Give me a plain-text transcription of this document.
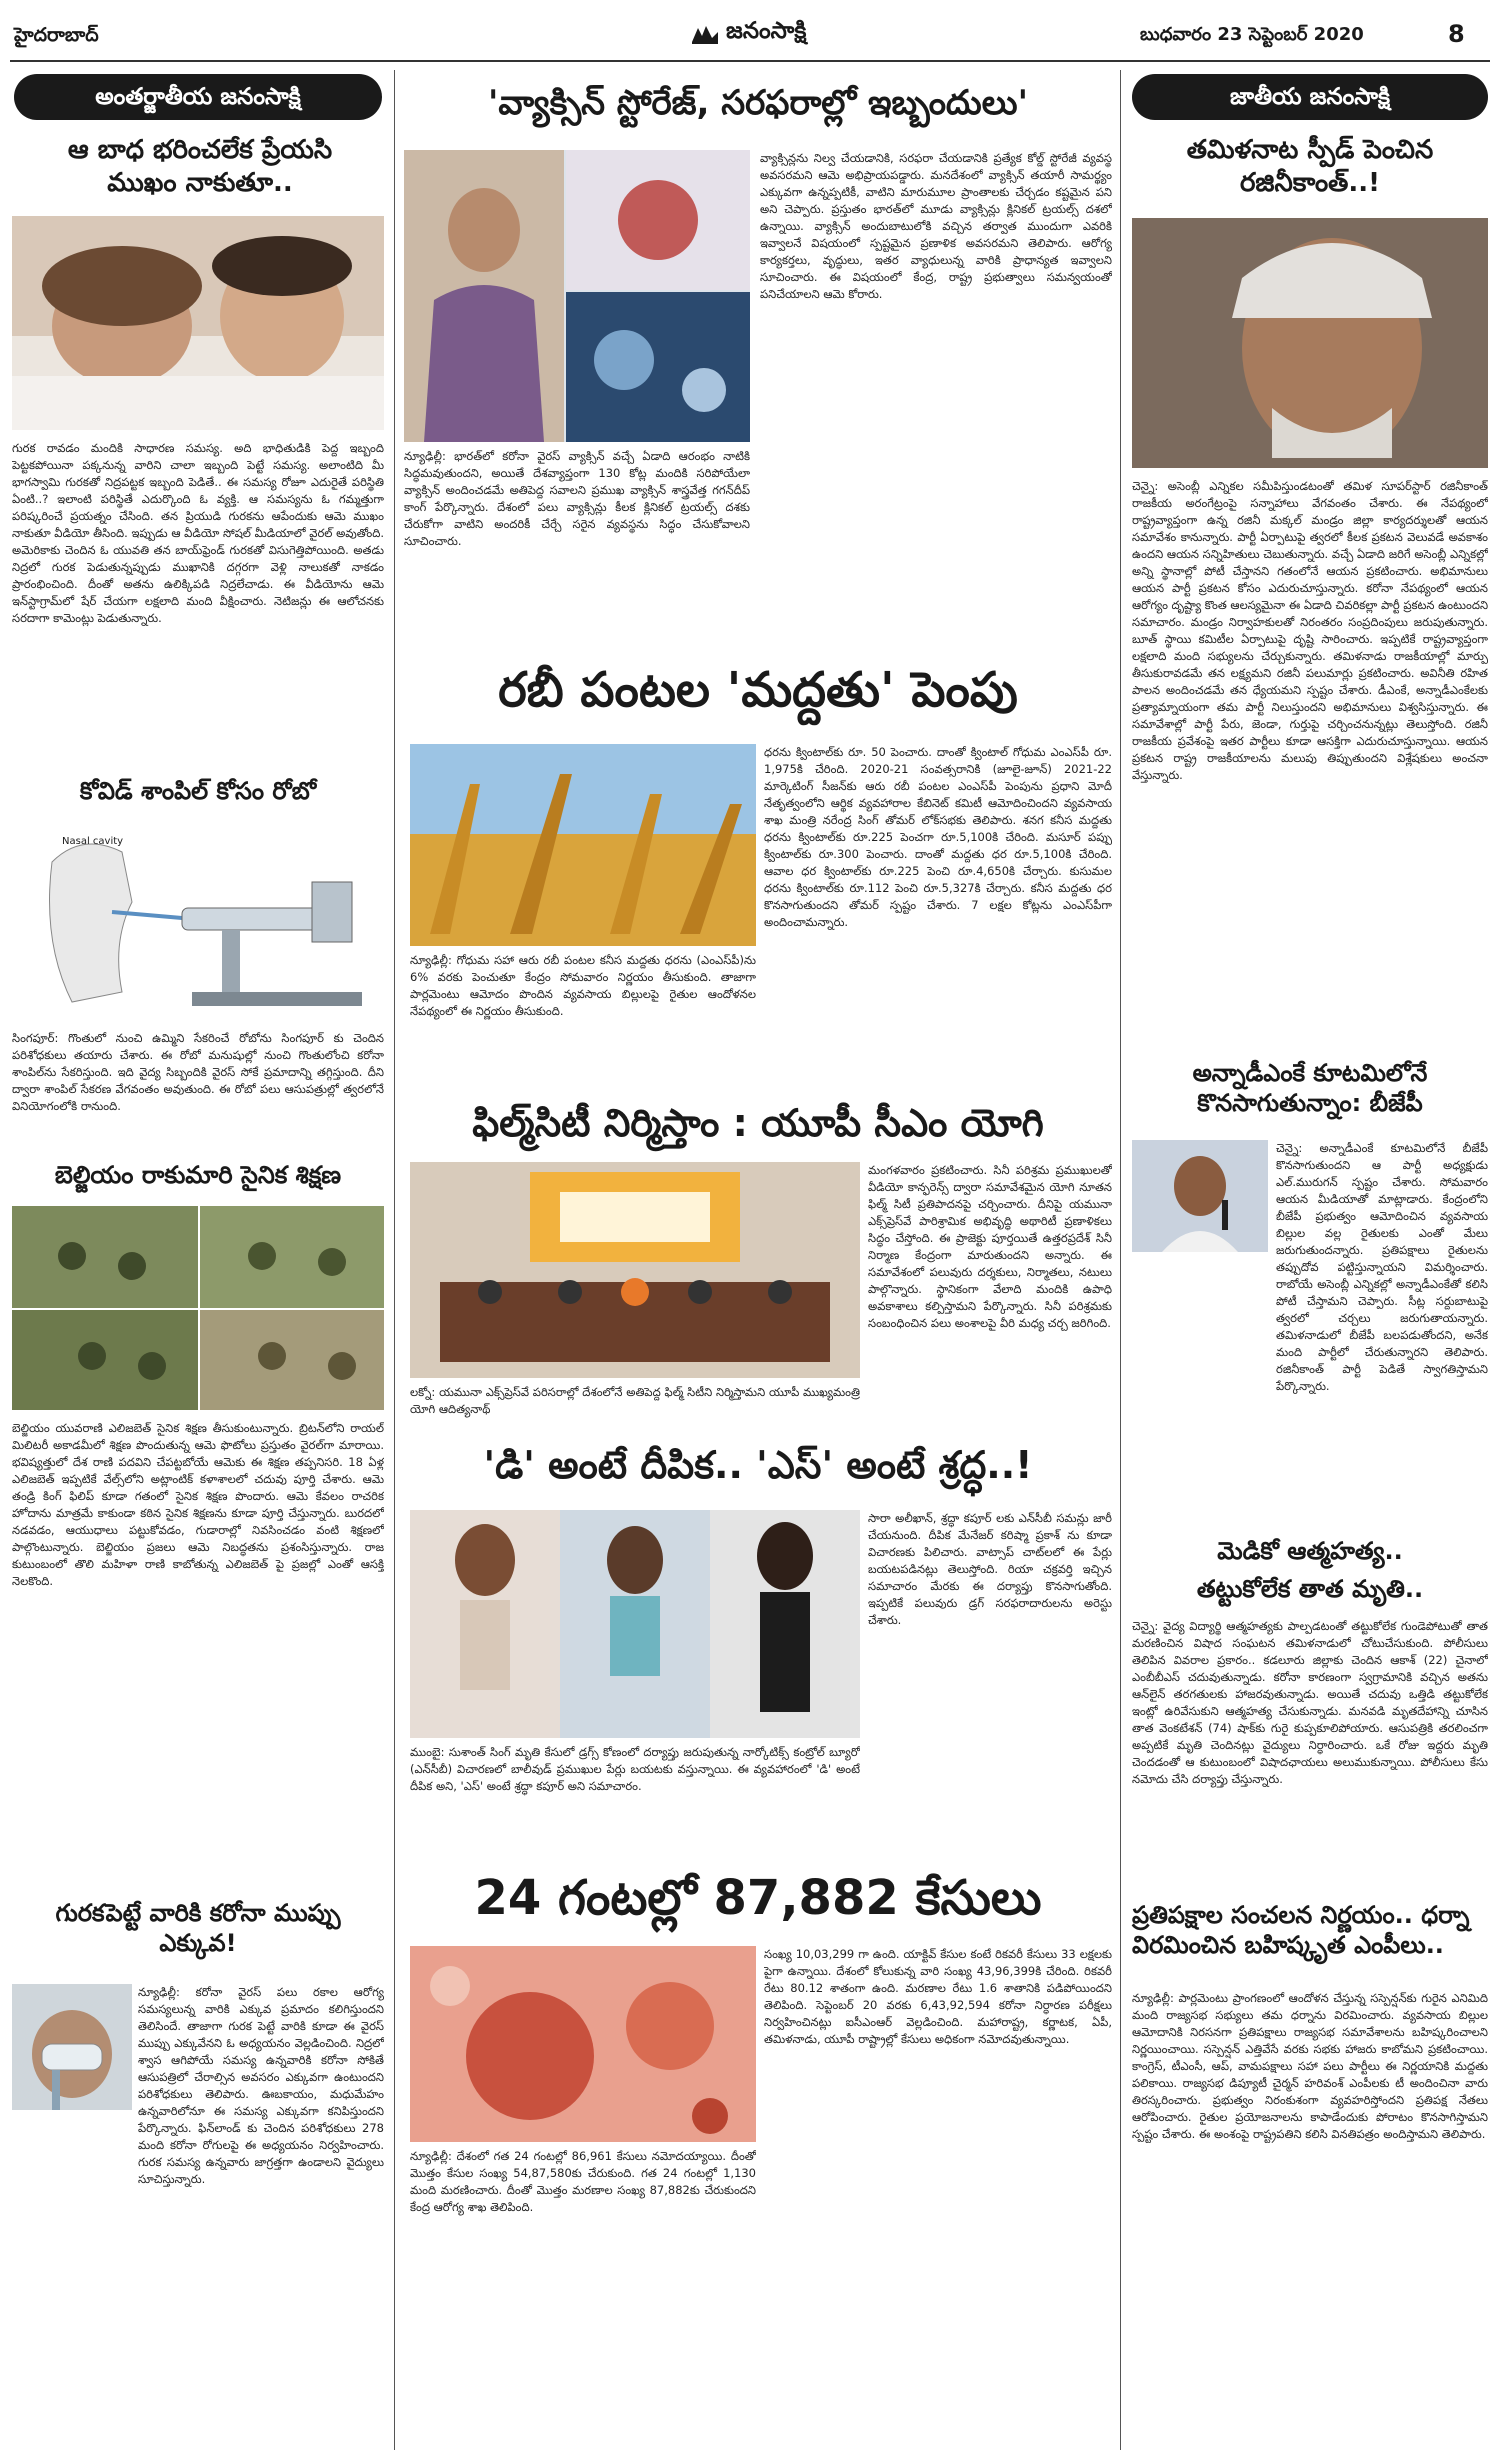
హైదరాబాద్	జనంసాక్షి	బుధవారం 23 సెప్టెంబర్ 2020	8
అంతర్జాతీయ జనంసాక్షి
ఆ బాధ భరించలేక ప్రేయసి ముఖం నాకుతూ..
గురక రావడం మందికి సాధారణ సమస్య. అది భాధితుడికి పెద్ద ఇబ్బంది పెట్టకపోయినా పక్కనున్న వారిని చాలా ఇబ్బంది పెట్టే సమస్య. అలాంటిది మీ భాగస్వామి గురకతో నిద్రపట్టక ఇబ్బంది పెడితే.. ఈ సమస్య రోజూ ఎదురైతే పరిస్థితి ఏంటి..? ఇలాంటి పరిస్థితే ఎదుర్కొంది ఓ వ్యక్తి. ఆ సమస్యను ఓ గమ్మత్తుగా పరిష్కరించే ప్రయత్నం చేసింది. తన ప్రియుడి గురకను ఆపేందుకు ఆమె ముఖం నాకుతూ వీడియో తీసింది. ఇప్పుడు ఆ వీడియో సోషల్ మీడియాలో వైరల్ అవుతోంది. అమెరికాకు చెందిన ఓ యువతి తన బాయ్‌ఫ్రెండ్ గురకతో విసుగెత్తిపోయింది. అతడు నిద్రలో గురక పెడుతున్నప్పుడు ముఖానికి దగ్గరగా వెళ్లి నాలుకతో నాకడం ప్రారంభించింది. దీంతో అతను ఉలిక్కిపడి నిద్రలేచాడు. ఈ వీడియోను ఆమె ఇన్‌స్టాగ్రామ్‌లో షేర్ చేయగా లక్షలాది మంది వీక్షించారు. నెటిజన్లు ఈ ఆలోచనకు సరదాగా కామెంట్లు పెడుతున్నారు.
కోవిడ్ శాంపిల్ కోసం రోబో
Nasal cavity
సింగపూర్: గొంతులో నుంచి ఉమ్మిని సేకరించే రోబోను సింగపూర్ కు చెందిన పరిశోధకులు తయారు చేశారు. ఈ రోబో మనుషుల్లో నుంచి గొంతులోంచి కరోనా శాంపిల్‌ను సేకరిస్తుంది. ఇది వైద్య సిబ్బందికి వైరస్ సోకే ప్రమాదాన్ని తగ్గిస్తుంది. దీని ద్వారా శాంపిల్ సేకరణ వేగవంతం అవుతుంది. ఈ రోబో పలు ఆసుపత్రుల్లో త్వరలోనే వినియోగంలోకి రానుంది.
బెల్జియం రాకుమారి సైనిక శిక్షణ
బెల్జియం యువరాణి ఎలిజబెత్ సైనిక శిక్షణ తీసుకుంటున్నారు. బ్రిటన్‌లోని రాయల్ మిలిటరీ అకాడమీలో శిక్షణ పొందుతున్న ఆమె ఫొటోలు ప్రస్తుతం వైరల్‌గా మారాయి. భవిష్యత్తులో దేశ రాణి పదవిని చేపట్టబోయే ఆమెకు ఈ శిక్షణ తప్పనిసరి. 18 ఏళ్ల ఎలిజబెత్ ఇప్పటికే వేల్స్‌లోని అట్లాంటిక్ కళాశాలలో చదువు పూర్తి చేశారు. ఆమె తండ్రి కింగ్ ఫిలిప్ కూడా గతంలో సైనిక శిక్షణ పొందారు. ఆమె కేవలం రాచరిక హోదాను మాత్రమే కాకుండా కఠిన సైనిక శిక్షణను కూడా పూర్తి చేస్తున్నారు. బురదలో నడవడం, ఆయుధాలు పట్టుకోవడం, గుడారాల్లో నివసించడం వంటి శిక్షణలో పాల్గొంటున్నారు. బెల్జియం ప్రజలు ఆమె నిబద్ధతను ప్రశంసిస్తున్నారు. రాజ కుటుంబంలో తొలి మహిళా రాణి కాబోతున్న ఎలిజబెత్ పై ప్రజల్లో ఎంతో ఆసక్తి నెలకొంది.
గురకపెట్టే వారికి కరోనా ముప్పు ఎక్కువ!
న్యూఢిల్లీ: కరోనా వైరస్ పలు రకాల ఆరోగ్య సమస్యలున్న వారికి ఎక్కువ ప్రమాదం కలిగిస్తుందని తెలిసిందే. తాజాగా గురక పెట్టే వారికి కూడా ఈ వైరస్ ముప్పు ఎక్కువేనని ఓ అధ్యయనం వెల్లడించింది. నిద్రలో శ్వాస ఆగిపోయే సమస్య ఉన్నవారికి కరోనా సోకితే ఆసుపత్రిలో చేరాల్సిన అవసరం ఎక్కువగా ఉంటుందని పరిశోధకులు తెలిపారు. ఊబకాయం, మధుమేహం ఉన్నవారిలోనూ ఈ సమస్య ఎక్కువగా కనిపిస్తుందని పేర్కొన్నారు. ఫిన్‌లాండ్ కు చెందిన పరిశోధకులు 278 మంది కరోనా రోగులపై ఈ అధ్యయనం నిర్వహించారు. గురక సమస్య ఉన్నవారు జాగ్రత్తగా ఉండాలని వైద్యులు సూచిస్తున్నారు.
'వ్యాక్సిన్ స్టోరేజ్, సరఫరాల్లో ఇబ్బందులు'
న్యూఢిల్లీ: భారత్‌లో కరోనా వైరస్ వ్యాక్సిన్ వచ్చే ఏడాది ఆరంభం నాటికి సిద్ధమవుతుందని, అయితే దేశవ్యాప్తంగా 130 కోట్ల మందికి సరిపోయేలా వ్యాక్సిన్ అందించడమే అతిపెద్ద సవాలని ప్రముఖ వ్యాక్సిన్ శాస్త్రవేత్త గగన్‌దీప్ కాంగ్ పేర్కొన్నారు. దేశంలో పలు వ్యాక్సిన్లు కీలక క్లినికల్ ట్రయల్స్ దశకు చేరుకోగా వాటిని అందరికీ చేర్చే సరైన వ్యవస్థను సిద్ధం చేసుకోవాలని సూచించారు.
వ్యాక్సిన్లను నిల్వ చేయడానికి, సరఫరా చేయడానికి ప్రత్యేక కోల్డ్ స్టోరేజీ వ్యవస్థ అవసరమని ఆమె అభిప్రాయపడ్డారు. మనదేశంలో వ్యాక్సిన్ తయారీ సామర్థ్యం ఎక్కువగా ఉన్నప్పటికీ, వాటిని మారుమూల ప్రాంతాలకు చేర్చడం కష్టమైన పని అని చెప్పారు. ప్రస్తుతం భారత్‌లో మూడు వ్యాక్సిన్లు క్లినికల్ ట్రయల్స్ దశలో ఉన్నాయి. వ్యాక్సిన్ అందుబాటులోకి వచ్చిన తర్వాత ముందుగా ఎవరికి ఇవ్వాలనే విషయంలో స్పష్టమైన ప్రణాళిక అవసరమని తెలిపారు. ఆరోగ్య కార్యకర్తలు, వృద్ధులు, ఇతర వ్యాధులున్న వారికి ప్రాధాన్యత ఇవ్వాలని సూచించారు. ఈ విషయంలో కేంద్ర, రాష్ట్ర ప్రభుత్వాలు సమన్వయంతో పనిచేయాలని ఆమె కోరారు.
రబీ పంటల 'మద్దతు' పెంపు
న్యూఢిల్లీ: గోధుమ సహా ఆరు రబీ పంటల కనీస మద్దతు ధరను (ఎంఎస్‌పీ)ను 6% వరకు పెంచుతూ కేంద్రం సోమవారం నిర్ణయం తీసుకుంది. తాజాగా పార్లమెంటు ఆమోదం పొందిన వ్యవసాయ బిల్లులపై రైతుల ఆందోళనల నేపథ్యంలో ఈ నిర్ణయం తీసుకుంది.
ధరను క్వింటాల్‌కు రూ. 50 పెంచారు. దాంతో క్వింటాల్ గోధుమ ఎంఎస్‌పీ రూ. 1,975కి చేరింది. 2020-21 సంవత్సరానికి (జూలై-జూన్) 2021-22 మార్కెటింగ్ సీజన్‌కు ఆరు రబీ పంటల ఎంఎస్‌పీ పెంపును ప్రధాని మోదీ నేతృత్వంలోని ఆర్థిక వ్యవహారాల కేబినెట్ కమిటీ ఆమోదించిందని వ్యవసాయ శాఖ మంత్రి నరేంద్ర సింగ్ తోమర్ లోక్‌సభకు తెలిపారు. శనగ కనీస మద్దతు ధరను క్వింటాల్‌కు రూ.225 పెంచగా రూ.5,100కి చేరింది. మసూర్ పప్పు క్వింటాల్‌కు రూ.300 పెంచారు. దాంతో మద్దతు ధర రూ.5,100కి చేరింది. ఆవాల ధర క్వింటాల్‌కు రూ.225 పెంచి రూ.4,650కి చేర్చారు. కుసుమల ధరను క్వింటాల్‌కు రూ.112 పెంచి రూ.5,327కి చేర్చారు. కనీస మద్దతు ధర కొనసాగుతుందని తోమర్ స్పష్టం చేశారు. 7 లక్షల కోట్లను ఎంఎస్‌పీగా అందించామన్నారు.
ఫిల్మ్‌సిటీ నిర్మిస్తాం : యూపీ సీఎం యోగి
లక్నో: యమునా ఎక్స్‌ప్రెస్‌వే పరిసరాల్లో దేశంలోనే అతిపెద్ద ఫిల్మ్ సిటీని నిర్మిస్తామని యూపీ ముఖ్యమంత్రి యోగి ఆదిత్యనాథ్
మంగళవారం ప్రకటించారు. సినీ పరిశ్రమ ప్రముఖులతో వీడియో కాన్ఫరెన్స్ ద్వారా సమావేశమైన యోగి నూతన ఫిల్మ్ సిటీ ప్రతిపాదనపై చర్చించారు. దీనిపై యమునా ఎక్స్‌ప్రెస్‌వే పారిశ్రామిక అభివృద్ధి అథారిటీ ప్రణాళికలు సిద్ధం చేస్తోంది. ఈ ప్రాజెక్టు పూర్తయితే ఉత్తరప్రదేశ్ సినీ నిర్మాణ కేంద్రంగా మారుతుందని అన్నారు. ఈ సమావేశంలో పలువురు దర్శకులు, నిర్మాతలు, నటులు పాల్గొన్నారు. స్థానికంగా వేలాది మందికి ఉపాధి అవకాశాలు కల్పిస్తామని పేర్కొన్నారు. సినీ పరిశ్రమకు సంబంధించిన పలు అంశాలపై వీరి మధ్య చర్చ జరిగింది.
'డి' అంటే దీపిక.. 'ఎస్' అంటే శ్రద్ధ..!
ముంబై: సుశాంత్ సింగ్ మృతి కేసులో డ్రగ్స్ కోణంలో దర్యాప్తు జరుపుతున్న నార్కోటిక్స్ కంట్రోల్ బ్యూరో (ఎన్‌సీబీ) విచారణలో బాలీవుడ్ ప్రముఖుల పేర్లు బయటకు వస్తున్నాయి. ఈ వ్యవహారంలో 'డి' అంటే దీపిక అని, 'ఎస్' అంటే శ్రద్ధా కపూర్ అని సమాచారం.
సారా అలీఖాన్, శ్రద్ధా కపూర్ లకు ఎన్‌సీబీ సమన్లు జారీ చేయనుంది. దీపిక మేనేజర్ కరిష్మా ప్రకాశ్ ను కూడా విచారణకు పిలిచారు. వాట్సాప్ చాట్‌లలో ఈ పేర్లు బయటపడినట్లు తెలుస్తోంది. రియా చక్రవర్తి ఇచ్చిన సమాచారం మేరకు ఈ దర్యాప్తు కొనసాగుతోంది. ఇప్పటికే పలువురు డ్రగ్ సరఫరాదారులను అరెస్టు చేశారు.
24 గంటల్లో 87,882 కేసులు
న్యూఢిల్లీ: దేశంలో గత 24 గంటల్లో 86,961 కేసులు నమోదయ్యాయి. దీంతో మొత్తం కేసుల సంఖ్య 54,87,580కు చేరుకుంది. గత 24 గంటల్లో 1,130 మంది మరణించారు. దీంతో మొత్తం మరణాల సంఖ్య 87,882కు చేరుకుందని కేంద్ర ఆరోగ్య శాఖ తెలిపింది.
సంఖ్య 10,03,299 గా ఉంది. యాక్టివ్ కేసుల కంటే రికవరీ కేసులు 33 లక్షలకు పైగా ఉన్నాయి. దేశంలో కోలుకున్న వారి సంఖ్య 43,96,399కి చేరింది. రికవరీ రేటు 80.12 శాతంగా ఉంది. మరణాల రేటు 1.6 శాతానికి పడిపోయిందని తెలిపింది. సెప్టెంబర్ 20 వరకు 6,43,92,594 కరోనా నిర్ధారణ పరీక్షలు నిర్వహించినట్లు ఐసీఎంఆర్ వెల్లడించింది. మహారాష్ట్ర, కర్ణాటక, ఏపీ, తమిళనాడు, యూపీ రాష్ట్రాల్లో కేసులు అధికంగా నమోదవుతున్నాయి.
జాతీయ జనంసాక్షి
తమిళనాట స్పీడ్ పెంచిన రజినీకాంత్..!
చెన్నై: అసెంబ్లీ ఎన్నికల సమీపిస్తుండటంతో తమిళ సూపర్‌స్టార్ రజినీకాంత్ రాజకీయ అరంగేట్రంపై సన్నాహాలు వేగవంతం చేశారు. ఈ నేపథ్యంలో రాష్ట్రవ్యాప్తంగా ఉన్న రజినీ మక్కల్ మండ్రం జిల్లా కార్యదర్శులతో ఆయన సమావేశం కానున్నారు. పార్టీ ఏర్పాటుపై త్వరలో కీలక ప్రకటన వెలువడే అవకాశం ఉందని ఆయన సన్నిహితులు చెబుతున్నారు. వచ్చే ఏడాది జరిగే అసెంబ్లీ ఎన్నికల్లో అన్ని స్థానాల్లో పోటీ చేస్తానని గతంలోనే ఆయన ప్రకటించారు. అభిమానులు ఆయన పార్టీ ప్రకటన కోసం ఎదురుచూస్తున్నారు. కరోనా నేపథ్యంలో ఆయన ఆరోగ్యం దృష్ట్యా కొంత ఆలస్యమైనా ఈ ఏడాది చివరికల్లా పార్టీ ప్రకటన ఉంటుందని సమాచారం. మండ్రం నిర్వాహకులతో నిరంతరం సంప్రదింపులు జరుపుతున్నారు. బూత్ స్థాయి కమిటీల ఏర్పాటుపై దృష్టి సారించారు. ఇప్పటికే రాష్ట్రవ్యాప్తంగా లక్షలాది మంది సభ్యులను చేర్చుకున్నారు. తమిళనాడు రాజకీయాల్లో మార్పు తీసుకురావడమే తన లక్ష్యమని రజినీ పలుమార్లు ప్రకటించారు. అవినీతి రహిత పాలన అందించడమే తన ధ్యేయమని స్పష్టం చేశారు. డీఎంకే, అన్నాడీఎంకేలకు ప్రత్యామ్నాయంగా తమ పార్టీ నిలుస్తుందని అభిమానులు విశ్వసిస్తున్నారు. ఈ సమావేశాల్లో పార్టీ పేరు, జెండా, గుర్తుపై చర్చించనున్నట్లు తెలుస్తోంది. రజినీ రాజకీయ ప్రవేశంపై ఇతర పార్టీలు కూడా ఆసక్తిగా ఎదురుచూస్తున్నాయి. ఆయన ప్రకటన రాష్ట్ర రాజకీయాలను మలుపు తిప్పుతుందని విశ్లేషకులు అంచనా వేస్తున్నారు.
అన్నాడీఎంకే కూటమిలోనే కొనసాగుతున్నాం: బీజేపీ
చెన్నై: అన్నాడీఎంకే కూటమిలోనే బీజేపీ కొనసాగుతుందని ఆ పార్టీ అధ్యక్షుడు ఎల్.మురుగన్ స్పష్టం చేశారు. సోమవారం ఆయన మీడియాతో మాట్లాడారు. కేంద్రంలోని బీజేపీ ప్రభుత్వం ఆమోదించిన వ్యవసాయ బిల్లుల వల్ల రైతులకు ఎంతో మేలు జరుగుతుందన్నారు. ప్రతిపక్షాలు రైతులను తప్పుదోవ పట్టిస్తున్నాయని విమర్శించారు. రాబోయే అసెంబ్లీ ఎన్నికల్లో అన్నాడీఎంకేతో కలిసి పోటీ చేస్తామని చెప్పారు. సీట్ల సర్దుబాటుపై త్వరలో చర్చలు జరుగుతాయన్నారు. తమిళనాడులో బీజేపీ బలపడుతోందని, అనేక మంది పార్టీలో చేరుతున్నారని తెలిపారు. రజినీకాంత్ పార్టీ పెడితే స్వాగతిస్తామని పేర్కొన్నారు.
మెడికో ఆత్మహత్య..
తట్టుకోలేక తాత మృతి..
చెన్నై: వైద్య విద్యార్థి ఆత్మహత్యకు పాల్పడటంతో తట్టుకోలేక గుండెపోటుతో తాత మరణించిన విషాద సంఘటన తమిళనాడులో చోటుచేసుకుంది. పోలీసులు తెలిపిన వివరాల ప్రకారం.. కడలూరు జిల్లాకు చెందిన ఆకాశ్ (22) చైనాలో ఎంబీబీఎస్ చదువుతున్నాడు. కరోనా కారణంగా స్వగ్రామానికి వచ్చిన అతను ఆన్‌లైన్ తరగతులకు హాజరవుతున్నాడు. అయితే చదువు ఒత్తిడి తట్టుకోలేక ఇంట్లో ఉరివేసుకుని ఆత్మహత్య చేసుకున్నాడు. మనవడి మృతదేహాన్ని చూసిన తాత వెంకటేశన్ (74) షాక్‌కు గురై కుప్పకూలిపోయారు. ఆసుపత్రికి తరలించగా అప్పటికే మృతి చెందినట్లు వైద్యులు నిర్ధారించారు. ఒకే రోజు ఇద్దరు మృతి చెందడంతో ఆ కుటుంబంలో విషాదఛాయలు అలుముకున్నాయి. పోలీసులు కేసు నమోదు చేసి దర్యాప్తు చేస్తున్నారు.
ప్రతిపక్షాల సంచలన నిర్ణయం.. ధర్నా విరమించిన బహిష్కృత ఎంపీలు..
న్యూఢిల్లీ: పార్లమెంటు ప్రాంగణంలో ఆందోళన చేస్తున్న సస్పెన్షన్‌కు గురైన ఎనిమిది మంది రాజ్యసభ సభ్యులు తమ ధర్నాను విరమించారు. వ్యవసాయ బిల్లుల ఆమోదానికి నిరసనగా ప్రతిపక్షాలు రాజ్యసభ సమావేశాలను బహిష్కరించాలని నిర్ణయించాయి. సస్పెన్షన్ ఎత్తివేసే వరకు సభకు హాజరు కాబోమని ప్రకటించాయి. కాంగ్రెస్, టీఎంసీ, ఆప్, వామపక్షాలు సహా పలు పార్టీలు ఈ నిర్ణయానికి మద్దతు పలికాయి. రాజ్యసభ డిప్యూటీ చైర్మన్ హరివంశ్ ఎంపీలకు టీ అందించినా వారు తిరస్కరించారు. ప్రభుత్వం నిరంకుశంగా వ్యవహరిస్తోందని ప్రతిపక్ష నేతలు ఆరోపించారు. రైతుల ప్రయోజనాలను కాపాడేందుకు పోరాటం కొనసాగిస్తామని స్పష్టం చేశారు. ఈ అంశంపై రాష్ట్రపతిని కలిసి వినతిపత్రం అందిస్తామని తెలిపారు.
